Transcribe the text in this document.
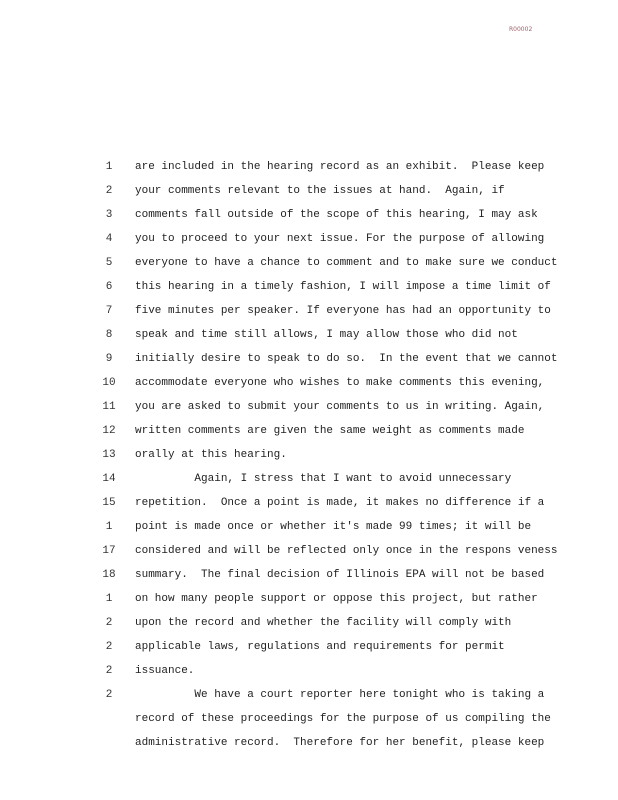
R00002
1	are included in the hearing record as an exhibit.  Please keep
2	your comments relevant to the issues at hand.  Again, if
3	comments fall outside of the scope of this hearing, I may ask
4	you to proceed to your next issue. For the purpose of allowing
5	everyone to have a chance to comment and to make sure we conduct
6	this hearing in a timely fashion, I will impose a time limit of
7	five minutes per speaker. If everyone has had an opportunity to
8	speak and time still allows, I may allow those who did not
9	initially desire to speak to do so.  In the event that we cannot
10	accommodate everyone who wishes to make comments this evening,
11	you are asked to submit your comments to us in writing. Again,
12	written comments are given the same weight as comments made
13	orally at this hearing.
14	Again, I stress that I want to avoid unnecessary
15	repetition.  Once a point is made, it makes no difference if a
1	point is made once or whether it's made 99 times; it will be
17	considered and will be reflected only once in the respons veness
18	summary.  The final decision of Illinois EPA will not be based
1	on how many people support or oppose this project, but rather
2	upon the record and whether the facility will comply with
2	applicable laws, regulations and requirements for permit
2	issuance.
2	We have a court reporter here tonight who is taking a
record of these proceedings for the purpose of us compiling the
administrative record.  Therefore for her benefit, please keep
